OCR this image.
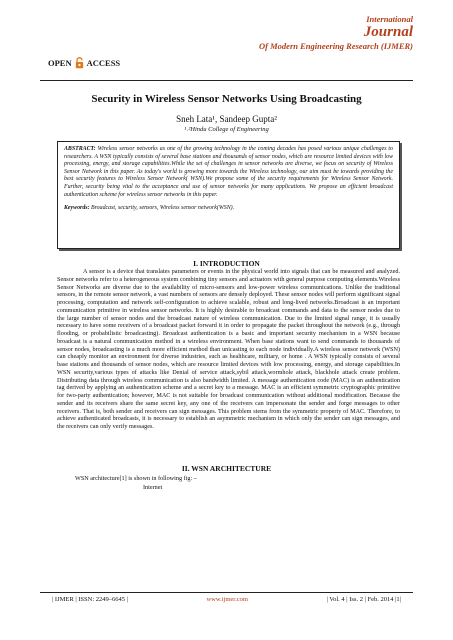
International
Journal
Of Modern Engineering Research (IJMER)
OPEN ACCESS
Security in Wireless Sensor Networks Using Broadcasting
Sneh Lata¹, Sandeep Gupta²
¹˒²Hindu College of Engineering
ABSTRACT: Wireless sensor networks as one of the growing technology in the coming decades has posed various unique challenges to researchers. A WSN typically consists of several base stations and thousands of sensor nodes, which are resource limited devices with low processing, energy, and storage capabilities.While the set of challenges in sensor networks are diverse, we focus on security of Wireless Sensor Network in this paper. As today's world is growing more towards the Wireless technology, our aim must be towards providing the best security features to Wireless Sensor Network( WSN).We propose some of the security requirements for Wireless Sensor Network. Further, security being vital to the acceptance and use of sensor networks for many applications. We propose an efficient broadcast authentication scheme for wireless sensor networks in this paper.
Keywords: Broadcast, security, sensors, Wireless sensor network(WSN).
I. INTRODUCTION
A sensor is a device that translates parameters or events in the physical world into signals that can be measured and analyzed. Sensor networks refer to a heterogeneous system combining tiny sensors and actuators with general purpose computing elements.Wireless Sensor Networks are diverse due to the availability of micro-sensors and low-power wireless communications. Unlike the traditional sensors, in the remote sensor network, a vast numbers of sensors are densely deployed. These sensor nodes will perform significant signal processing, computation and network self-configuration to achieve scalable, robust and long-lived networks.Broadcast is an important communication primitive in wireless sensor networks. It is highly desirable to broadcast commands and data to the sensor nodes due to the large number of sensor nodes and the broadcast nature of wireless communication. Due to the limited signal range, it is usually necessary to have some receivers of a broadcast packet forward it in order to propagate the packet throughout the network (e.g., through flooding, or probabilistic broadcasting). Broadcast authentication is a basic and important security mechanism in a WSN because broadcast is a natural communication method in a wireless environment. When base stations want to send commands to thousands of sensor nodes, broadcasting is a much more efficient method than unicasting to each node individually.A wireless sensor network (WSN) can cheaply monitor an environment for diverse industries, such as healthcare, military, or home . A WSN typically consists of several base stations and thousands of sensor nodes, which are resource limited devices with low processing, energy, and storage capabilities.In WSN security,various types of attacks like Denial of service attack,sybil attack,wormhole attack, blackhole attack create problem. Distributing data through wireless communication is also bandwidth limited. A message authentication code (MAC) is an authentication tag derived by applying an authentication scheme and a secret key to a message. MAC is an efficient symmetric cryptographic primitive for two-party authentication; however, MAC is not suitable for broadcast communication without additional modification. Because the sender and its receivers share the same secret key, any one of the receivers can impersonate the sender and forge messages to other receivers. That is, both sender and receivers can sign messages. This problem stems from the symmetric property of MAC. Therefore, to achieve authenticated broadcasts, it is necessary to establish an asymmetric mechanism in which only the sender can sign messages, and the receivers can only verify messages.
II. WSN ARCHITECTURE
WSN architecture[1] is shown in following fig: –
Internet
| IJMER | ISSN: 2249–6645 |	www.ijmer.com	| Vol. 4 | Iss. 2 | Feb. 2014 |1|
